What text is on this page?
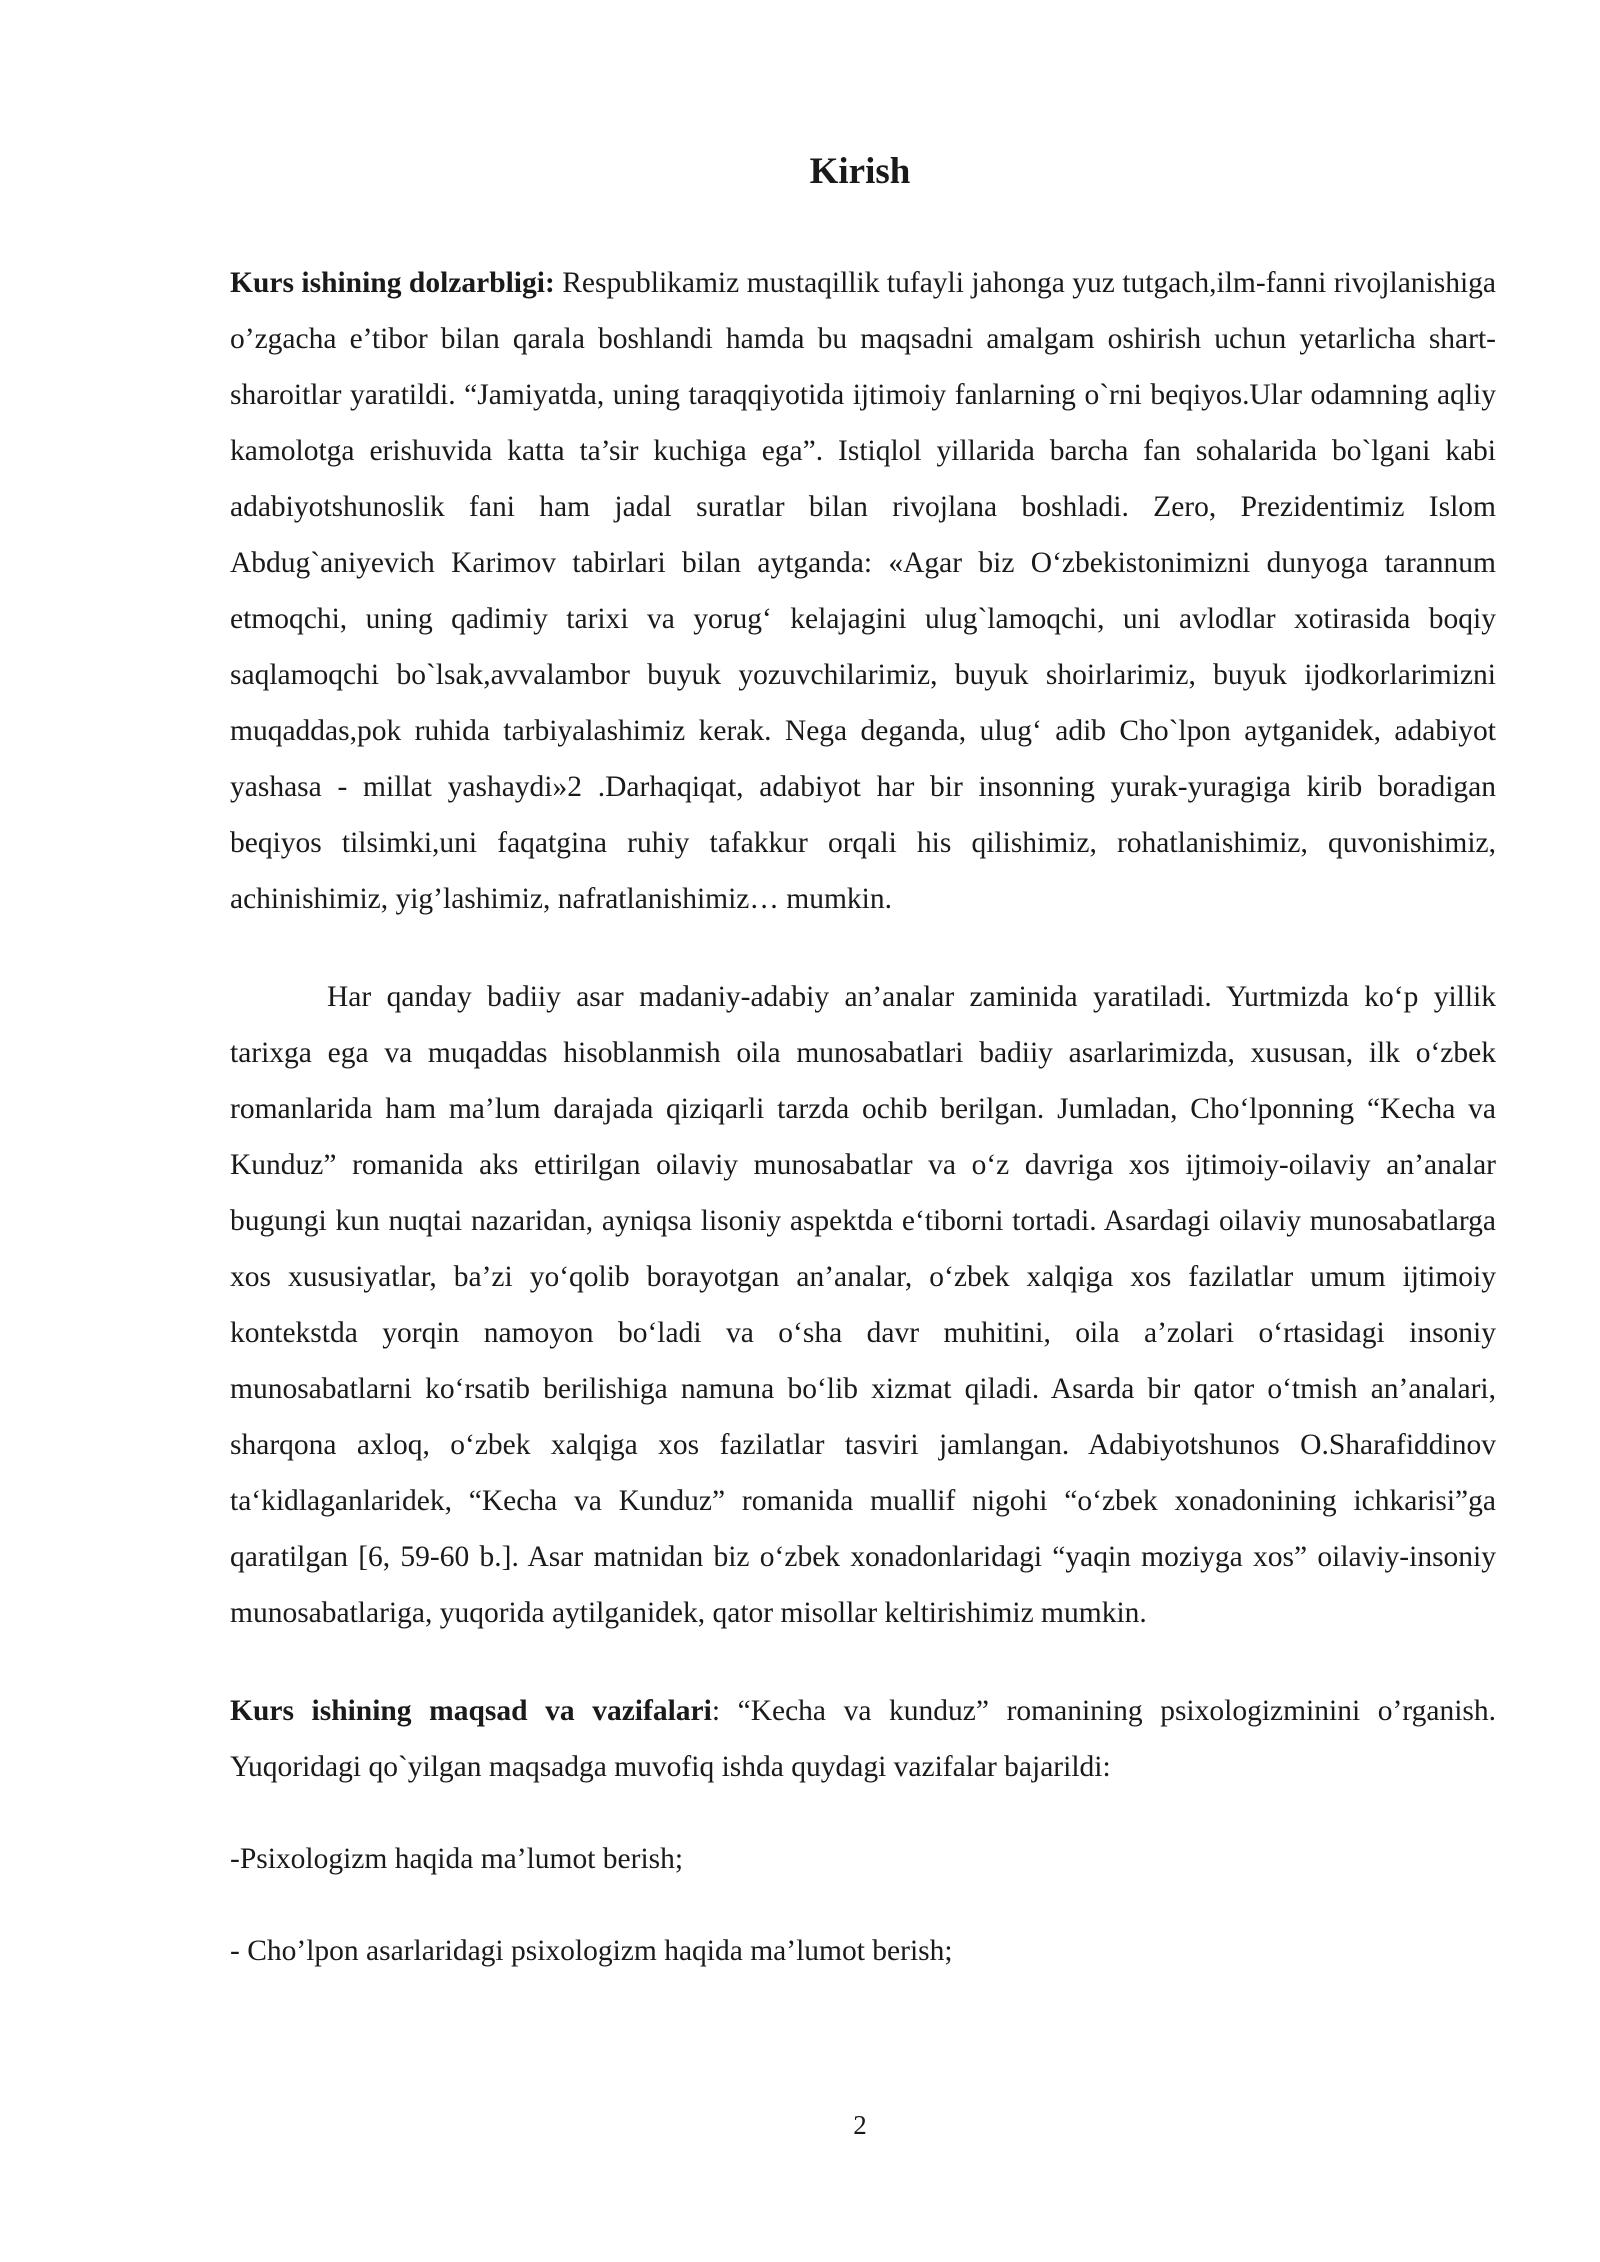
Kirish

Kurs ishining dolzarbligi: Respublikamiz mustaqillik tufayli jahonga yuz tutgach,ilm-fanni rivojlanishiga o’zgacha e’tibor bilan qarala boshlandi hamda bu maqsadni amalgam oshirish uchun yetarlicha shart-sharoitlar yaratildi. “Jamiyatda, uning taraqqiyotida ijtimoiy fanlarning o`rni beqiyos.Ular odamning aqliy kamolotga erishuvida katta ta’sir kuchiga ega”. Istiqlol yillarida barcha fan sohalarida bo`lgani kabi adabiyotshunoslik fani ham jadal suratlar bilan rivojlana boshladi. Zero, Prezidentimiz Islom Abdug`aniyevich Karimov tabirlari bilan aytganda: «Agar biz O‘zbekistonimizni dunyoga tarannum etmoqchi, uning qadimiy tarixi va yorug‘ kelajagini ulug`lamoqchi, uni avlodlar xotirasida boqiy saqlamoqchi bo`lsak,avvalambor buyuk yozuvchilarimiz, buyuk shoirlarimiz, buyuk ijodkorlarimizni muqaddas,pok ruhida tarbiyalashimiz kerak. Nega deganda, ulug‘ adib Cho`lpon aytganidek, adabiyot yashasa - millat yashaydi»2 .Darhaqiqat, adabiyot har bir insonning yurak-yuragiga kirib boradigan beqiyos tilsimki,uni faqatgina ruhiy tafakkur orqali his qilishimiz, rohatlanishimiz, quvonishimiz, achinishimiz, yig’lashimiz, nafratlanishimiz… mumkin.

Har qanday badiiy asar madaniy-adabiy an’analar zaminida yaratiladi. Yurtmizda ko‘p yillik tarixga ega va muqaddas hisoblanmish oila munosabatlari badiiy asarlarimizda, xususan, ilk o‘zbek romanlarida ham ma’lum darajada qiziqarli tarzda ochib berilgan. Jumladan, Cho‘lponning “Kecha va Kunduz” romanida aks ettirilgan oilaviy munosabatlar va o‘z davriga xos ijtimoiy-oilaviy an’analar bugungi kun nuqtai nazaridan, ayniqsa lisoniy aspektda e‘tiborni tortadi. Asardagi oilaviy munosabatlarga xos xususiyatlar, ba’zi yo‘qolib borayotgan an’analar, o‘zbek xalqiga xos fazilatlar umum ijtimoiy kontekstda yorqin namoyon bo‘ladi va o‘sha davr muhitini, oila a’zolari o‘rtasidagi insoniy munosabatlarni ko‘rsatib berilishiga namuna bo‘lib xizmat qiladi. Asarda bir qator o‘tmish an’analari, sharqona axloq, o‘zbek xalqiga xos fazilatlar tasviri jamlangan. Adabiyotshunos O.Sharafiddinov ta‘kidlaganlaridek, “Kecha va Kunduz” romanida muallif nigohi “o‘zbek xonadonining ichkarisi”ga qaratilgan [6, 59-60 b.]. Asar matnidan biz o‘zbek xonadonlaridagi “yaqin moziyga xos” oilaviy-insoniy munosabatlariga, yuqorida aytilganidek, qator misollar keltirishimiz mumkin.

Kurs ishining maqsad va vazifalari: “Kecha va kunduz” romanining psixologizminini o’rganish. Yuqoridagi qo`yilgan maqsadga muvofiq ishda quydagi vazifalar bajarildi:

-Psixologizm haqida ma’lumot berish;

- Cho’lpon asarlaridagi psixologizm haqida ma’lumot berish;

2
